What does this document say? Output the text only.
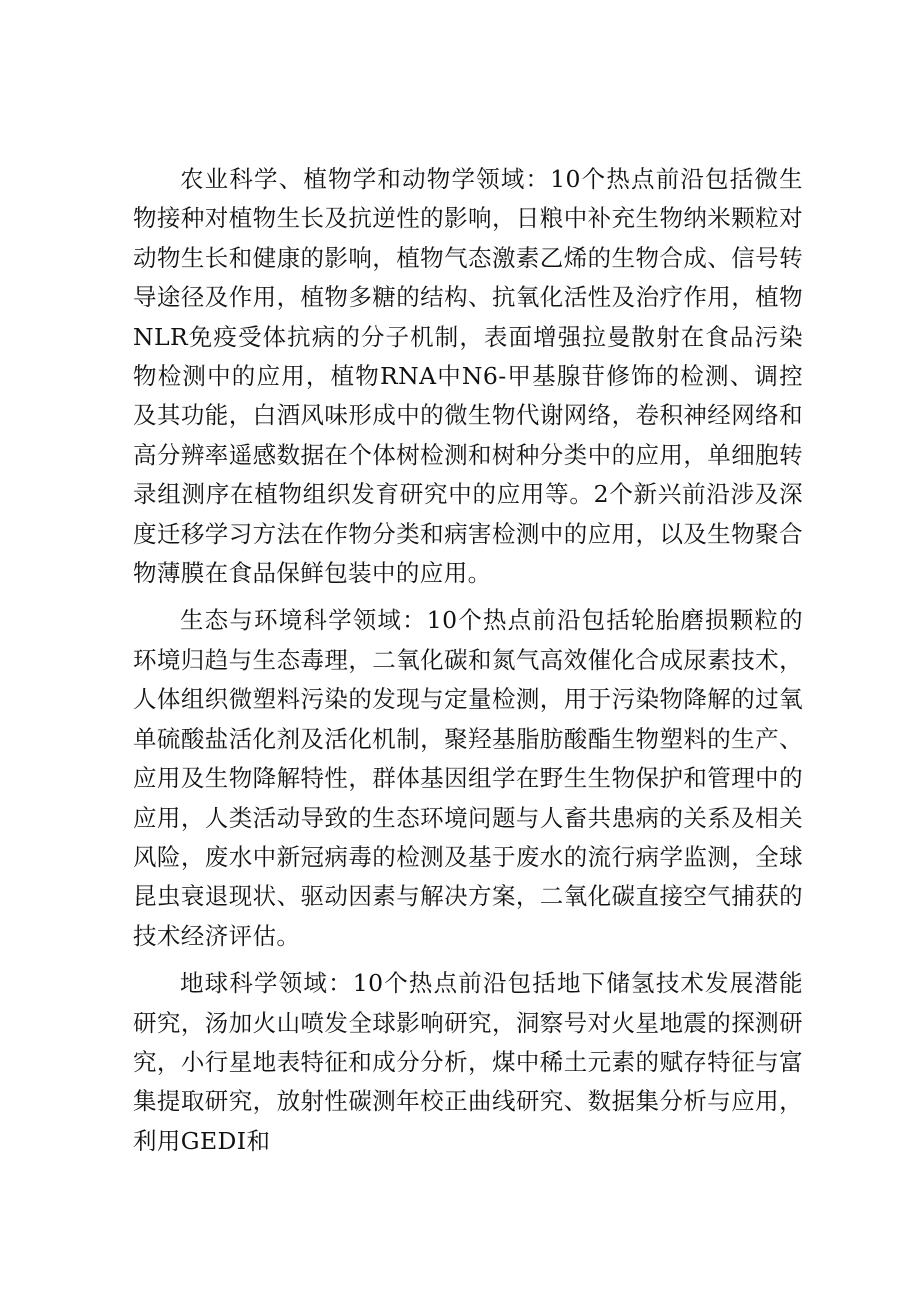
农业科学、植物学和动物学领域：10个热点前沿包括微生物接种对植物生长及抗逆性的影响，日粮中补充生物纳米颗粒对动物生长和健康的影响，植物气态激素乙烯的生物合成、信号转导途径及作用，植物多糖的结构、抗氧化活性及治疗作用，植物NLR免疫受体抗病的分子机制，表面增强拉曼散射在食品污染物检测中的应用，植物RNA中N6-甲基腺苷修饰的检测、调控及其功能，白酒风味形成中的微生物代谢网络，卷积神经网络和高分辨率遥感数据在个体树检测和树种分类中的应用，单细胞转录组测序在植物组织发育研究中的应用等。2个新兴前沿涉及深度迁移学习方法在作物分类和病害检测中的应用，以及生物聚合物薄膜在食品保鲜包装中的应用。

生态与环境科学领域：10个热点前沿包括轮胎磨损颗粒的环境归趋与生态毒理，二氧化碳和氮气高效催化合成尿素技术，人体组织微塑料污染的发现与定量检测，用于污染物降解的过氧单硫酸盐活化剂及活化机制，聚羟基脂肪酸酯生物塑料的生产、应用及生物降解特性，群体基因组学在野生生物保护和管理中的应用，人类活动导致的生态环境问题与人畜共患病的关系及相关风险，废水中新冠病毒的检测及基于废水的流行病学监测，全球昆虫衰退现状、驱动因素与解决方案，二氧化碳直接空气捕获的技术经济评估。

地球科学领域：10个热点前沿包括地下储氢技术发展潜能研究，汤加火山喷发全球影响研究，洞察号对火星地震的探测研究，小行星地表特征和成分分析，煤中稀土元素的赋存特征与富集提取研究，放射性碳测年校正曲线研究、数据集分析与应用，利用GEDI和
